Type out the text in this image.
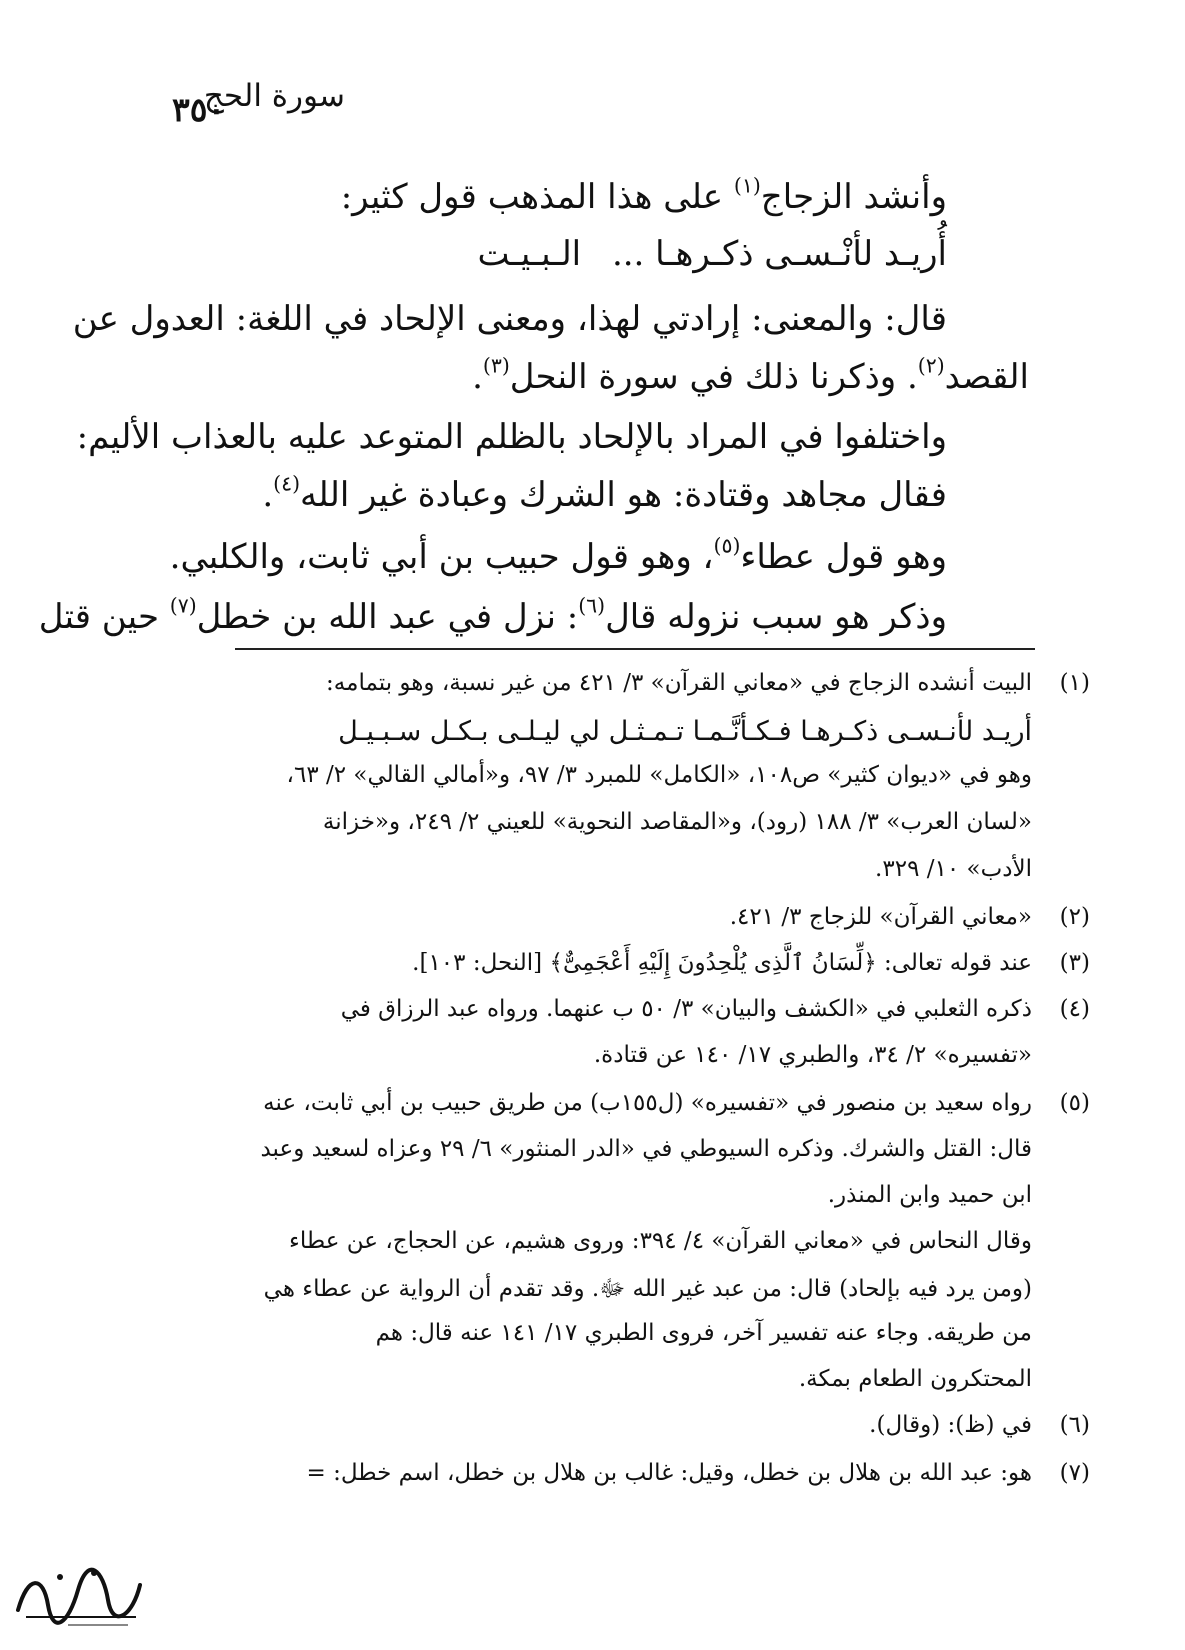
سورة الحج
٣٥٠
وأنشد الزجاج$^{(١)}$ على هذا المذهب قول كثير:
أُريـد لأنْـسـى ذكـرهـا ... الـبـيـت
قال: والمعنى: إرادتي لهذا، ومعنى الإلحاد في اللغة: العدول عن
القصد$^{(٢)}$. وذكرنا ذلك في سورة النحل$^{(٣)}$.
واختلفوا في المراد بالإلحاد بالظلم المتوعد عليه بالعذاب الأليم:
فقال مجاهد وقتادة: هو الشرك وعبادة غير الله$^{(٤)}$.
وهو قول عطاء$^{(٥)}$، وهو قول حبيب بن أبي ثابت، والكلبي.
وذكر هو سبب نزوله قال$^{(٦)}$: نزل في عبد الله بن خطل$^{(٧)}$ حين قتل
(١)
البيت أنشده الزجاج في «معاني القرآن» ٣/ ٤٢١ من غير نسبة، وهو بتمامه:
أريـد لأنـسـى ذكـرهـا فـكـأنَّـمـا تـمـثـل لي ليـلـى بـكـل سـبـيـل
وهو في «ديوان كثير» ص١٠٨، «الكامل» للمبرد ٣/ ٩٧، و«أمالي القالي» ٢/ ٦٣،
«لسان العرب» ٣/ ١٨٨ (رود)، و«المقاصد النحوية» للعيني ٢/ ٢٤٩، و«خزانة
الأدب» ١٠/ ٣٢٩.
(٢)
«معاني القرآن» للزجاج ٣/ ٤٢١.
(٣)
عند قوله تعالى: ﴿لِّسَانُ ٱلَّذِى يُلْحِدُونَ إِلَيْهِ أَعْجَمِىٌّ﴾ [النحل: ١٠٣].
(٤)
ذكره الثعلبي في «الكشف والبيان» ٣/ ٥٠ ب عنهما. ورواه عبد الرزاق في
«تفسيره» ٢/ ٣٤، والطبري ١٧/ ١٤٠ عن قتادة.
(٥)
رواه سعيد بن منصور في «تفسيره» (ل١٥٥ب) من طريق حبيب بن أبي ثابت، عنه
قال: القتل والشرك. وذكره السيوطي في «الدر المنثور» ٦/ ٢٩ وعزاه لسعيد وعبد
ابن حميد وابن المنذر.
وقال النحاس في «معاني القرآن» ٤/ ٣٩٤: وروى هشيم، عن الحجاج، عن عطاء
(ومن يرد فيه بإلحاد) قال: من عبد غير الله ﷻ. وقد تقدم أن الرواية عن عطاء هي
من طريقه. وجاء عنه تفسير آخر، فروى الطبري ١٧/ ١٤١ عنه قال: هم
المحتكرون الطعام بمكة.
(٦)
في (ظ): (وقال).
(٧)
هو: عبد الله بن هلال بن خطل، وقيل: غالب بن هلال بن خطل، اسم خطل: =
